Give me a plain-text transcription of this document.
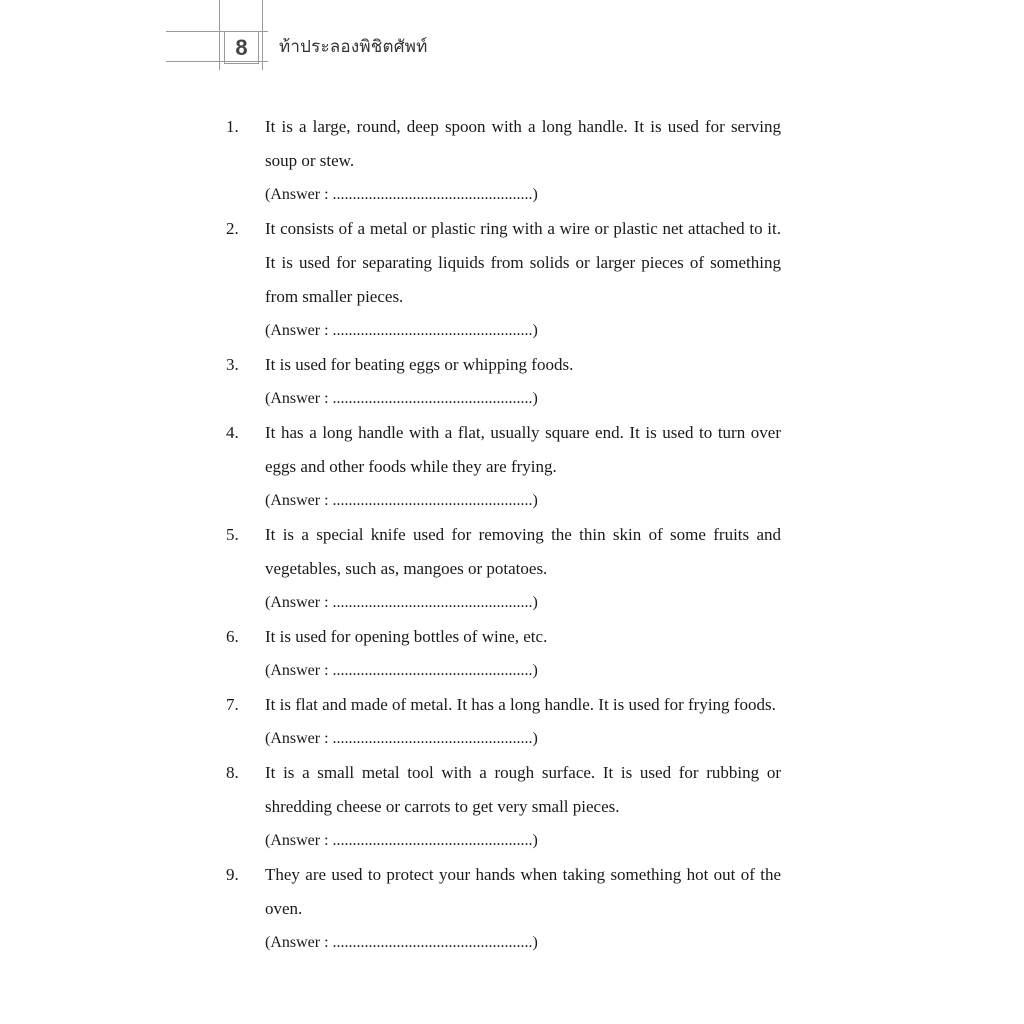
8	ท้าประลองพิชิตศัพท์
1. It is a large, round, deep spoon with a long handle. It is used for serving soup or stew.
(Answer : ..................................................)
2. It consists of a metal or plastic ring with a wire or plastic net attached to it. It is used for separating liquids from solids or larger pieces of something from smaller pieces.
(Answer : ..................................................)
3. It is used for beating eggs or whipping foods.
(Answer : ..................................................)
4. It has a long handle with a flat, usually square end. It is used to turn over eggs and other foods while they are frying.
(Answer : ..................................................)
5. It is a special knife used for removing the thin skin of some fruits and vegetables, such as, mangoes or potatoes.
(Answer : ..................................................)
6. It is used for opening bottles of wine, etc.
(Answer : ..................................................)
7. It is flat and made of metal. It has a long handle. It is used for frying foods.
(Answer : ..................................................)
8. It is a small metal tool with a rough surface. It is used for rubbing or shredding cheese or carrots to get very small pieces.
(Answer : ..................................................)
9. They are used to protect your hands when taking something hot out of the oven.
(Answer : ..................................................)
